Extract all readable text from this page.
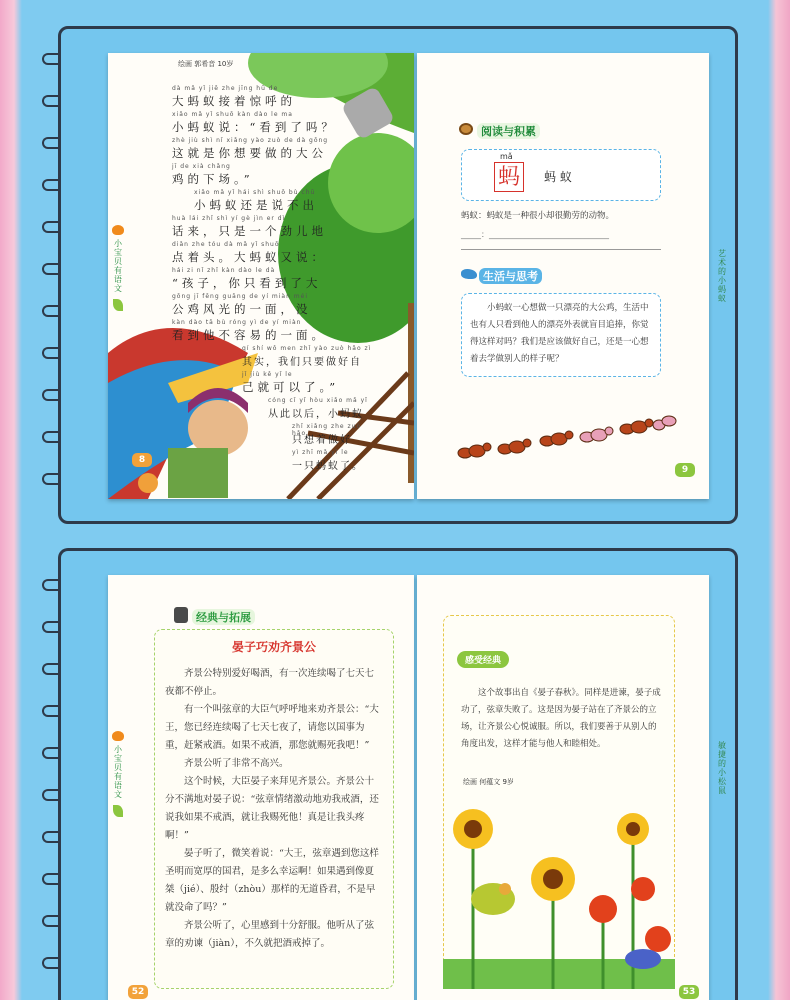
绘画 郭希音 10岁
dà mǎ yǐ jiē zhe jīng hū de
大蚂蚁接着惊呼的
xiǎo mǎ yǐ shuō kàn dào le ma
小蚂蚁说：“看到了吗？
zhè jiù shì nǐ xiǎng yào zuò de dà gōng
这就是你想要做的大公
jī de xià chǎng
鸡的下场。”
xiǎo mǎ yǐ hái shì shuō bù chū
小蚂蚁还是说不出
huà lái zhǐ shì yí gè jìn er dì
话来，只是一个劲儿地
diǎn zhe tóu dà mǎ yǐ shuō
点着头。大蚂蚁又说：
hái zi nǐ zhǐ kàn dào le dà
“孩子，你只看到了大
gōng jī fēng guāng de yí miàn méi
公鸡风光的一面，没
kàn dào tā bù róng yì de yí miàn
看到他不容易的一面。
qí shí wǒ men zhǐ yào zuò hǎo zì
其实，我们只要做好自
jǐ jiù kě yǐ le
己就可以了。”
cóng cǐ yǐ hòu xiǎo mǎ yǐ
从此以后，小蚂蚁
zhǐ xiǎng zhe zuò hǎo
只想着做好
yì zhī mǎ yǐ le
一只蚂蚁了。
8
小
宝
贝
有
语
文
阅读与积累
mǎ
蚂 蚂 蚁
蚂蚁：蚂蚁是一种很小却很勤劳的动物。
_____：______________________________
生活与思考
小蚂蚁一心想做一只漂亮的大公鸡，生活中也有人只看到他人的漂亮外表就盲目追捧，你觉得这样对吗？我们是应该做好自己，还是一心想着去学做别人的样子呢？
9
艺
术
的
小
蚂
蚁
经典与拓展
晏子巧劝齐景公
齐景公特别爱好喝酒，有一次连续喝了七天七夜都不停止。
有一个叫弦章的大臣气呼呼地来劝齐景公：“大王，您已经连续喝了七天七夜了，请您以国事为重，赶紧戒酒。如果不戒酒，那您就赐死我吧！”
齐景公听了非常不高兴。
这个时候，大臣晏子来拜见齐景公。齐景公十分不满地对晏子说：“弦章情绪激动地劝我戒酒，还说我如果不戒酒，就让我赐死他！真是让我头疼啊！”
晏子听了，微笑着说：“大王，弦章遇到您这样圣明而宽厚的国君，是多么幸运啊！如果遇到像夏桀（jié）、殷纣（zhòu）那样的无道昏君，不是早就没命了吗？”
齐景公听了，心里感到十分舒服。他听从了弦章的劝谏（jiàn），不久就把酒戒掉了。
52
小
宝
贝
有
语
文
感受经典
这个故事出自《晏子春秋》。同样是进谏，晏子成功了，弦章失败了。这是因为晏子站在了齐景公的立场，让齐景公心悦诚服。所以，我们要善于从别人的角度出发，这样才能与他人和睦相处。
绘画 何蕴文 9岁
53
敏
捷
的
小
松
鼠
